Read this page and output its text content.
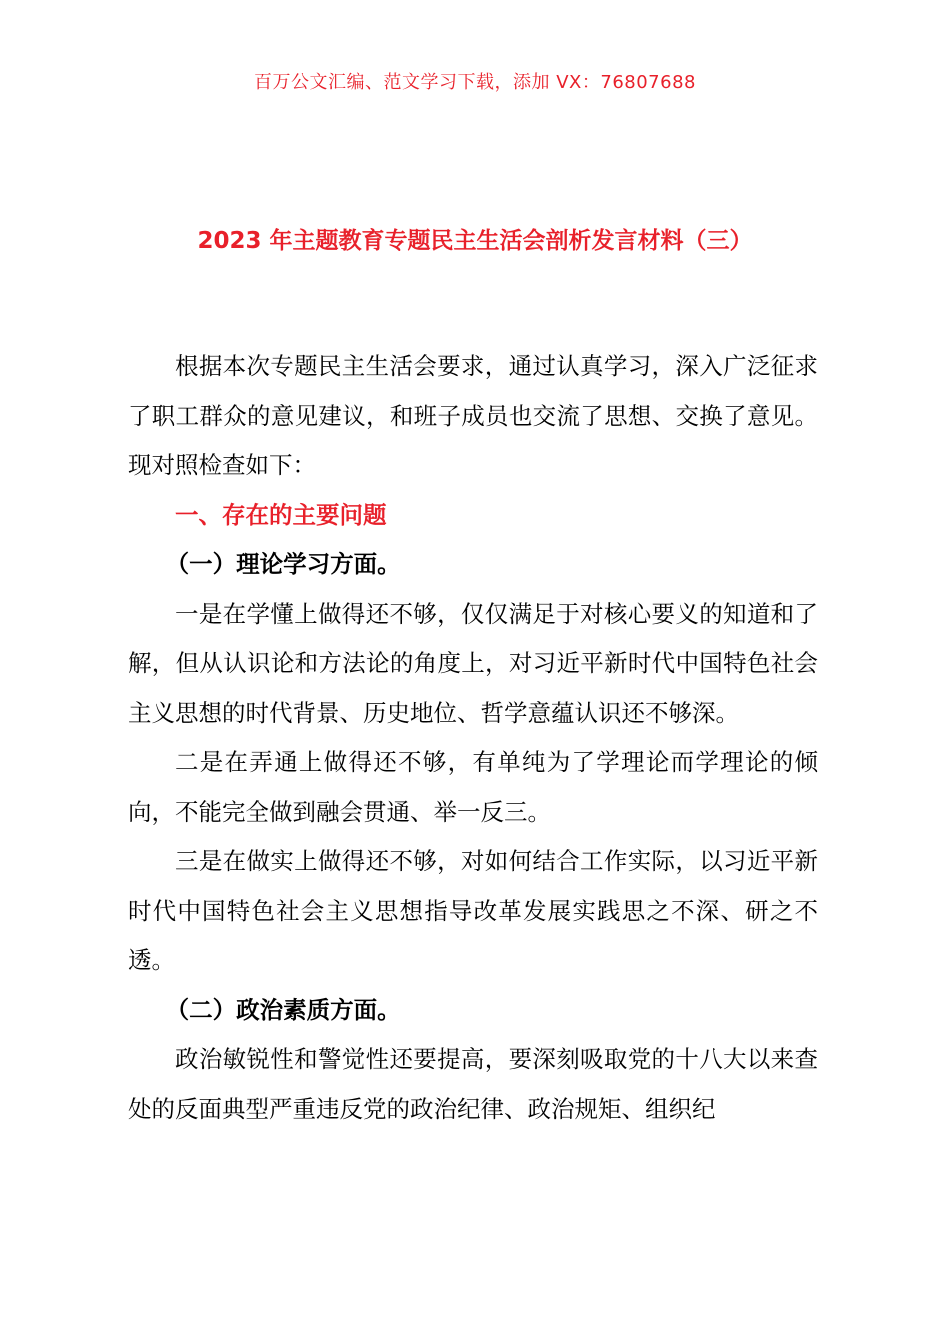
百万公文汇编、范文学习下载，添加 VX：76807688
2023 年主题教育专题民主生活会剖析发言材料（三）

根据本次专题民主生活会要求，通过认真学习，深入广泛征求了职工群众的意见建议，和班子成员也交流了思想、交换了意见。现对照检查如下：

一、存在的主要问题

（一）理论学习方面。

一是在学懂上做得还不够，仅仅满足于对核心要义的知道和了解，但从认识论和方法论的角度上，对习近平新时代中国特色社会主义思想的时代背景、历史地位、哲学意蕴认识还不够深。

二是在弄通上做得还不够，有单纯为了学理论而学理论的倾向，不能完全做到融会贯通、举一反三。

三是在做实上做得还不够，对如何结合工作实际，以习近平新时代中国特色社会主义思想指导改革发展实践思之不深、研之不透。

（二）政治素质方面。

政治敏锐性和警觉性还要提高，要深刻吸取党的十八大以来查处的反面典型严重违反党的政治纪律、政治规矩、组织纪
